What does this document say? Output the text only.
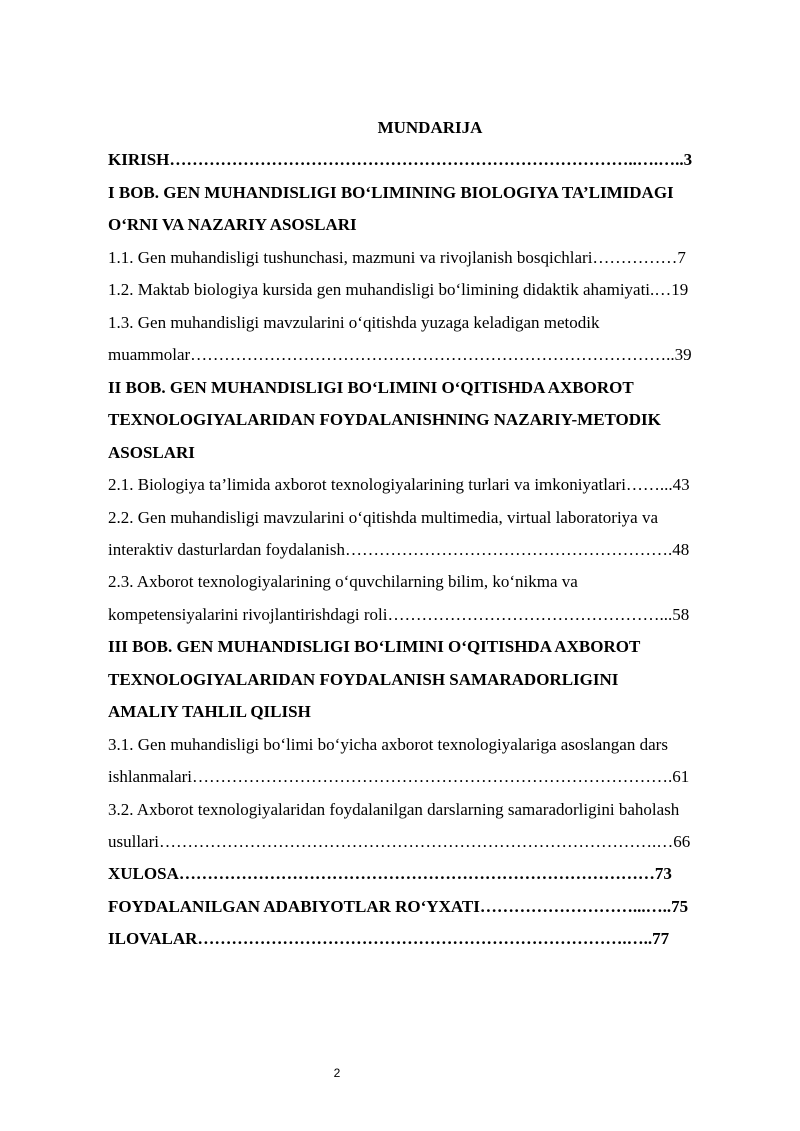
MUNDARIJA
KIRISH………………………………………………………………………..….…..3
I BOB. GEN MUHANDISLIGI BO‘LIMINING BIOLOGIYA TA’LIMIDAGI
O‘RNI VA NAZARIY ASOSLARI
1.1. Gen muhandisligi tushunchasi, mazmuni va rivojlanish bosqichlari……………7
1.2. Maktab biologiya kursida gen muhandisligi bo‘limining didaktik ahamiyati.…19
1.3. Gen muhandisligi mavzularini o‘qitishda yuzaga keladigan metodik
muammolar…………………………………………………………………………..39
II BOB. GEN MUHANDISLIGI BO‘LIMINI O‘QITISHDA AXBOROT
TEXNOLOGIYALARIDAN FOYDALANISHNING NAZARIY-METODIK
ASOSLARI
2.1. Biologiya ta’limida axborot texnologiyalarining turlari va imkoniyatlari……...43
2.2. Gen muhandisligi mavzularini o‘qitishda multimedia, virtual laboratoriya va
interaktiv dasturlardan foydalanish………………………………………………….48
2.3. Axborot texnologiyalarining o‘quvchilarning bilim, ko‘nikma va
kompetensiyalarini rivojlantirishdagi roli…………………………………………...58
III BOB. GEN MUHANDISLIGI BO‘LIMINI O‘QITISHDA AXBOROT
TEXNOLOGIYALARIDAN FOYDALANISH SAMARADORLIGINI
AMALIY TAHLIL QILISH
3.1. Gen muhandisligi bo‘limi bo‘yicha axborot texnologiyalariga asoslangan dars
ishlanmalari………………………………………………………………………….61
3.2. Axborot texnologiyalaridan foydalanilgan darslarning samaradorligini baholash
usullari…………………………………………………………………………….…66
XULOSA…………………………………………………………………………73
FOYDALANILGAN ADABIYOTLAR RO‘YXATI………………………...…..75
ILOVALAR………………………………………………………………….…..77
2
